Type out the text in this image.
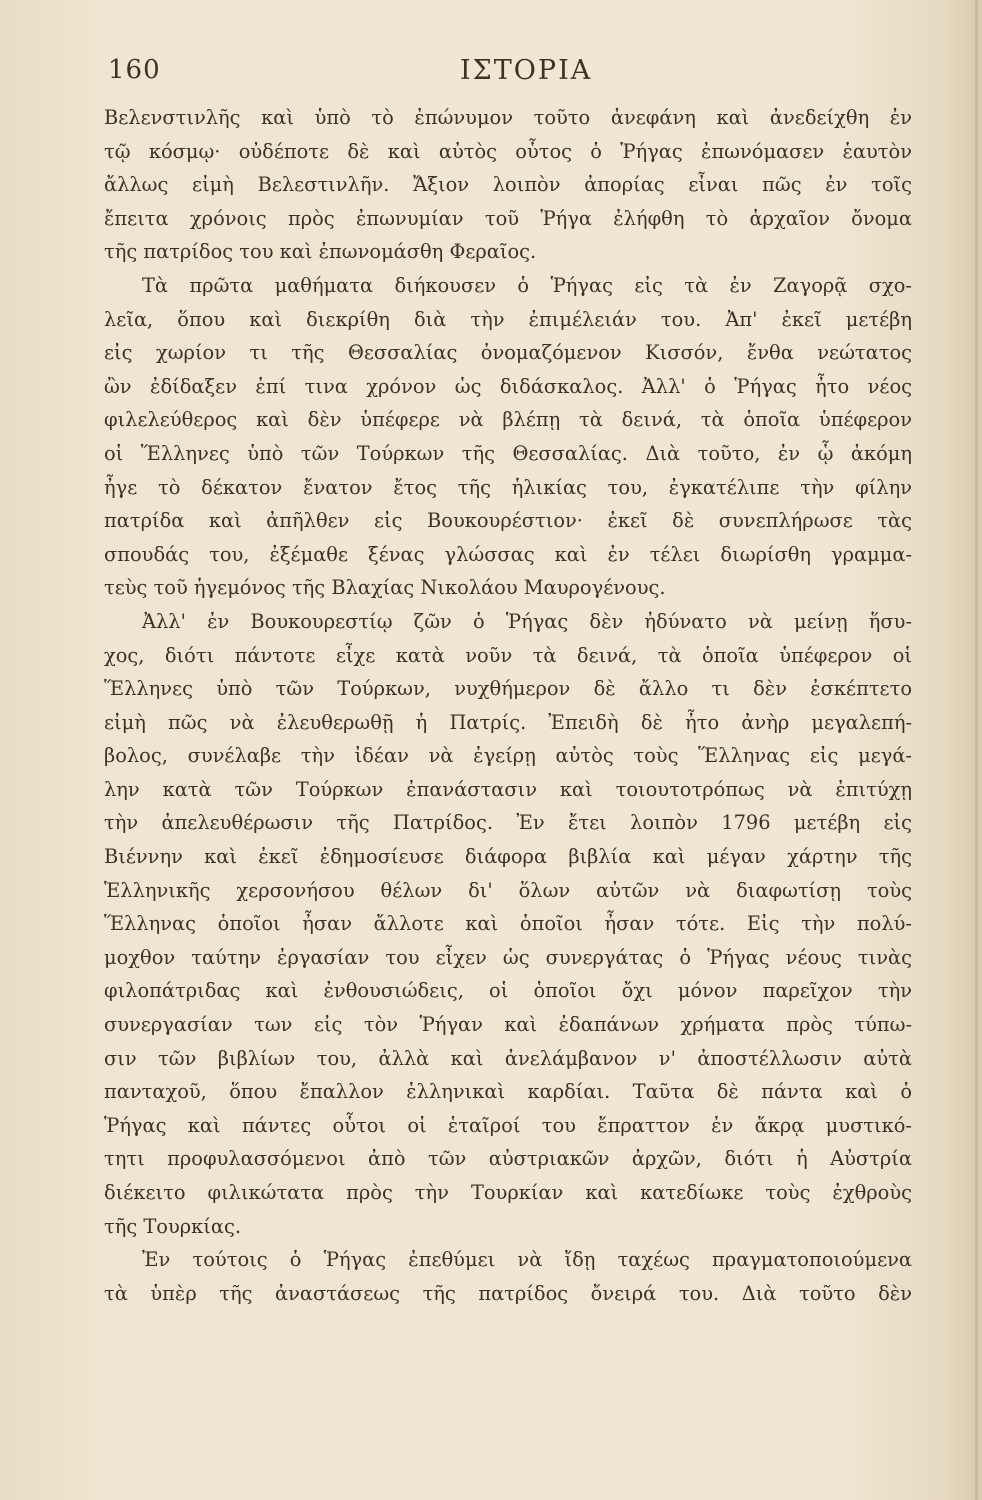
160	ΙΣΤΟΡΙΑ
Βελενστινλῆς καὶ ὑπὸ τὸ ἐπώνυμον τοῦτο ἀνεφάνη καὶ ἀνεδείχθη ἐν
τῷ κόσμῳ· οὐδέποτε δὲ καὶ αὐτὸς οὗτος ὁ Ῥήγας ἐπωνόμασεν ἑαυτὸν
ἄλλως εἰμὴ Βελεστινλῆν. Ἄξιον λοιπὸν ἀπορίας εἶναι πῶς ἐν τοῖς
ἔπειτα χρόνοις πρὸς ἐπωνυμίαν τοῦ Ῥήγα ἐλήφθη τὸ ἀρχαῖον ὄνομα
τῆς πατρίδος του καὶ ἐπωνομάσθη Φεραῖος.
Τὰ πρῶτα μαθήματα διήκουσεν ὁ Ῥήγας εἰς τὰ ἐν Ζαγορᾷ σχο-
λεῖα, ὅπου καὶ διεκρίθη διὰ τὴν ἐπιμέλειάν του. Ἀπ' ἐκεῖ μετέβη
εἰς χωρίον τι τῆς Θεσσαλίας ὀνομαζόμενον Κισσόν, ἔνθα νεώτατος
ὢν ἐδίδαξεν ἐπί τινα χρόνον ὡς διδάσκαλος. Ἀλλ' ὁ Ῥήγας ἦτο νέος
φιλελεύθερος καὶ δὲν ὑπέφερε νὰ βλέπῃ τὰ δεινά, τὰ ὁποῖα ὑπέφερον
οἱ Ἕλληνες ὑπὸ τῶν Τούρκων τῆς Θεσσαλίας. Διὰ τοῦτο, ἐν ᾧ ἀκόμη
ἦγε τὸ δέκατον ἔνατον ἔτος τῆς ἡλικίας του, ἐγκατέλιπε τὴν φίλην
πατρίδα καὶ ἀπῆλθεν εἰς Βουκουρέστιον· ἐκεῖ δὲ συνεπλήρωσε τὰς
σπουδάς του, ἐξέμαθε ξένας γλώσσας καὶ ἐν τέλει διωρίσθη γραμμα-
τεὺς τοῦ ἡγεμόνος τῆς Βλαχίας Νικολάου Μαυρογένους.
Ἀλλ' ἐν Βουκουρεστίῳ ζῶν ὁ Ῥήγας δὲν ἠδύνατο νὰ μείνῃ ἥσυ-
χος, διότι πάντοτε εἶχε κατὰ νοῦν τὰ δεινά, τὰ ὁποῖα ὑπέφερον οἱ
Ἕλληνες ὑπὸ τῶν Τούρκων, νυχθήμερον δὲ ἄλλο τι δὲν ἐσκέπτετο
εἰμὴ πῶς νὰ ἐλευθερωθῇ ἡ Πατρίς. Ἐπειδὴ δὲ ἦτο ἀνὴρ μεγαλεπή-
βολος, συνέλαβε τὴν ἰδέαν νὰ ἐγείρῃ αὐτὸς τοὺς Ἕλληνας εἰς μεγά-
λην κατὰ τῶν Τούρκων ἐπανάστασιν καὶ τοιουτοτρόπως νὰ ἐπιτύχῃ
τὴν ἀπελευθέρωσιν τῆς Πατρίδος. Ἐν ἔτει λοιπὸν 1796 μετέβη εἰς
Βιέννην καὶ ἐκεῖ ἐδημοσίευσε διάφορα βιβλία καὶ μέγαν χάρτην τῆς
Ἑλληνικῆς χερσονήσου θέλων δι' ὅλων αὐτῶν νὰ διαφωτίσῃ τοὺς
Ἕλληνας ὁποῖοι ἦσαν ἄλλοτε καὶ ὁποῖοι ἦσαν τότε. Εἰς τὴν πολύ-
μοχθον ταύτην ἐργασίαν του εἶχεν ὡς συνεργάτας ὁ Ῥήγας νέους τινὰς
φιλοπάτριδας καὶ ἐνθουσιώδεις, οἱ ὁποῖοι ὄχι μόνον παρεῖχον τὴν
συνεργασίαν των εἰς τὸν Ῥήγαν καὶ ἐδαπάνων χρήματα πρὸς τύπω-
σιν τῶν βιβλίων του, ἀλλὰ καὶ ἀνελάμβανον ν' ἀποστέλλωσιν αὐτὰ
πανταχοῦ, ὅπου ἔπαλλον ἑλληνικαὶ καρδίαι. Ταῦτα δὲ πάντα καὶ ὁ
Ῥήγας καὶ πάντες οὗτοι οἱ ἑταῖροί του ἔπραττον ἐν ἄκρᾳ μυστικό-
τητι προφυλασσόμενοι ἀπὸ τῶν αὐστριακῶν ἀρχῶν, διότι ἡ Αὐστρία
διέκειτο φιλικώτατα πρὸς τὴν Τουρκίαν καὶ κατεδίωκε τοὺς ἐχθροὺς
τῆς Τουρκίας.
Ἐν τούτοις ὁ Ῥήγας ἐπεθύμει νὰ ἴδῃ ταχέως πραγματοποιούμενα
τὰ ὑπὲρ τῆς ἀναστάσεως τῆς πατρίδος ὄνειρά του. Διὰ τοῦτο δὲν
